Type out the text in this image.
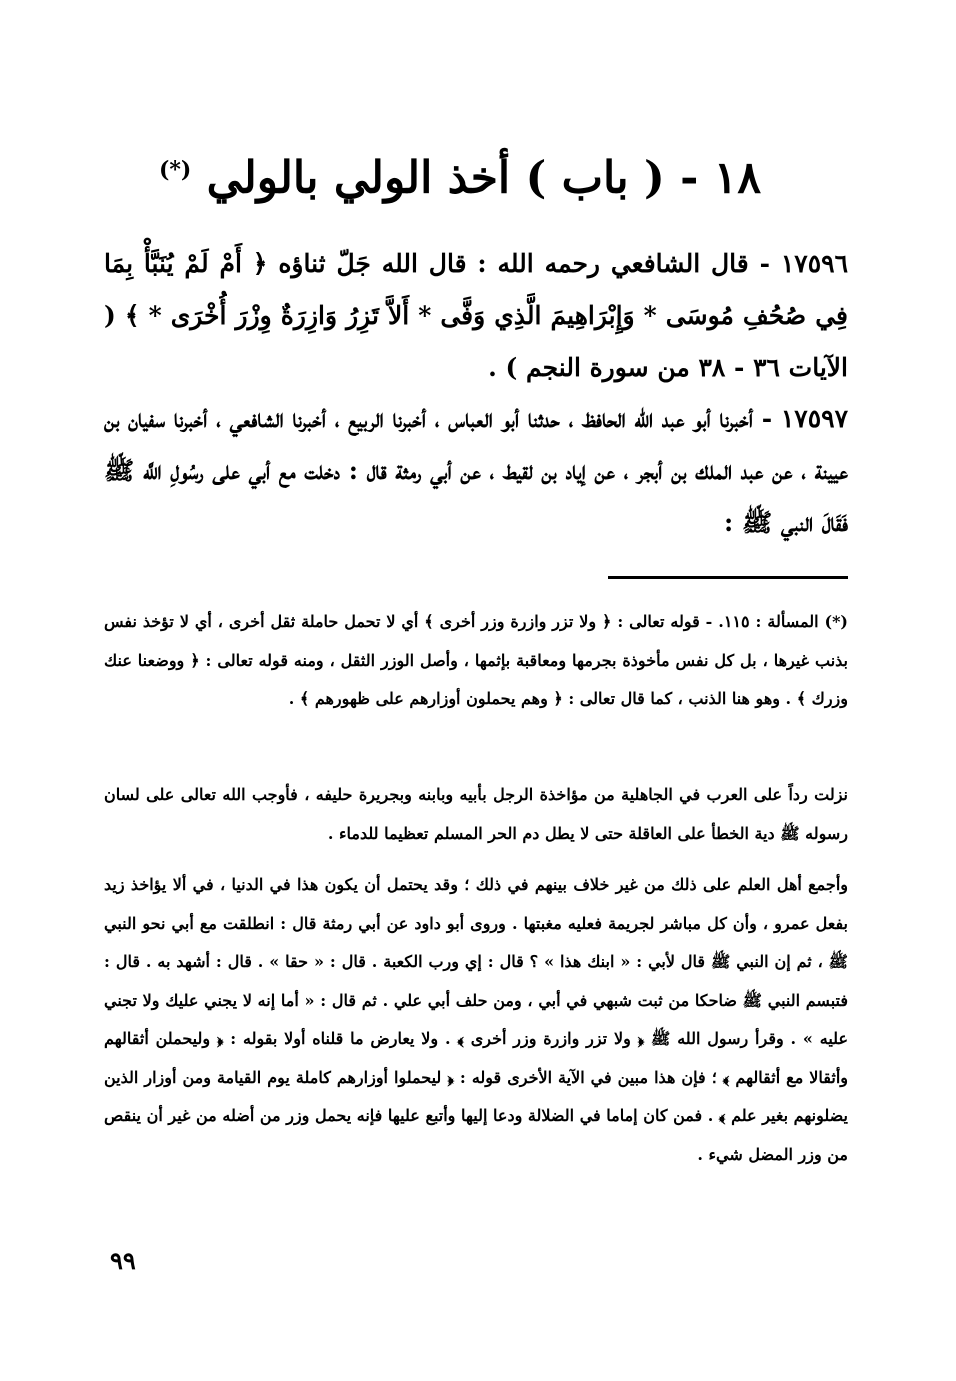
١٨ - ( باب ) أخذ الولي بالولي (*)

١٧٥٩٦ - قال الشافعي رحمه الله : قال الله جَلّ ثناؤه ﴿ أَمْ لَمْ يُنَبَّأْ بِمَا فِي صُحُفِ مُوسَى * وَإِبْرَاهِيمَ الَّذِي وَفَّى * أَلاَّ تَزِرُ وَازِرَةٌ وِزْرَ أُخْرَى * ﴾ ( الآيات ٣٦ - ٣٨ من سورة النجم ) .

١٧٥٩٧ - أخبرنا أبو عبد الله الحافظ ، حدثنا أبو العباس ، أخبرنا الربيع ، أخبرنا الشافعي ، أخبرنا سفيان بن عيينة ، عن عبد الملك بن أبجر ، عن إياد بن لقيط ، عن أبي رمثة قال : دخلت مع أبي على رسُولِ اللَّه ﷺ فَقَالَ النبي ﷺ :

(*) المسألة : ١١٥. - قوله تعالى : ﴿ ولا تزر وازرة وزر أخرى ﴾ أي لا تحمل حاملة ثقل أخرى ، أي لا تؤخذ نفس بذنب غيرها ، بل كل نفس مأخوذة بجرمها ومعاقبة بإثمها ، وأصل الوزر الثقل ، ومنه قوله تعالى : ﴿ ووضعنا عنك وزرك ﴾ . وهو هنا الذنب ، كما قال تعالى : ﴿ وهم يحملون أوزارهم على ظهورهم ﴾ .

نزلت رداً على العرب في الجاهلية من مؤاخذة الرجل بأبيه وبابنه وبجريرة حليفه ، فأوجب الله تعالى على لسان رسوله ﷺ دية الخطأ على العاقلة حتى لا يطل دم الحر المسلم تعظيما للدماء .

وأجمع أهل العلم على ذلك من غير خلاف بينهم في ذلك ؛ وقد يحتمل أن يكون هذا في الدنيا ، في ألا يؤاخذ زيد بفعل عمرو ، وأن كل مباشر لجريمة فعليه مغبتها . وروى أبو داود عن أبي رمثة قال : انطلقت مع أبي نحو النبي ﷺ ، ثم إن النبي ﷺ قال لأبي : « ابنك هذا » ؟ قال : إي ورب الكعبة . قال : « حقا » . قال : أشهد به . قال : فتبسم النبي ﷺ ضاحكا من ثبت شبهي في أبي ، ومن حلف أبي علي . ثم قال : « أما إنه لا يجني عليك ولا تجني عليه » . وقرأ رسول الله ﷺ ﴿ ولا تزر وازرة وزر أخرى ﴾ . ولا يعارض ما قلناه أولا بقوله : ﴿ وليحملن أثقالهم وأثقالا مع أثقالهم ﴾ ؛ فإن هذا مبين في الآية الأخرى قوله : ﴿ ليحملوا أوزارهم كاملة يوم القيامة ومن أوزار الذين يضلونهم بغير علم ﴾ . فمن كان إماما في الضلالة ودعا إليها وأتبع عليها فإنه يحمل وزر من أضله من غير أن ينقص من وزر المضل شيء .

٩٩
